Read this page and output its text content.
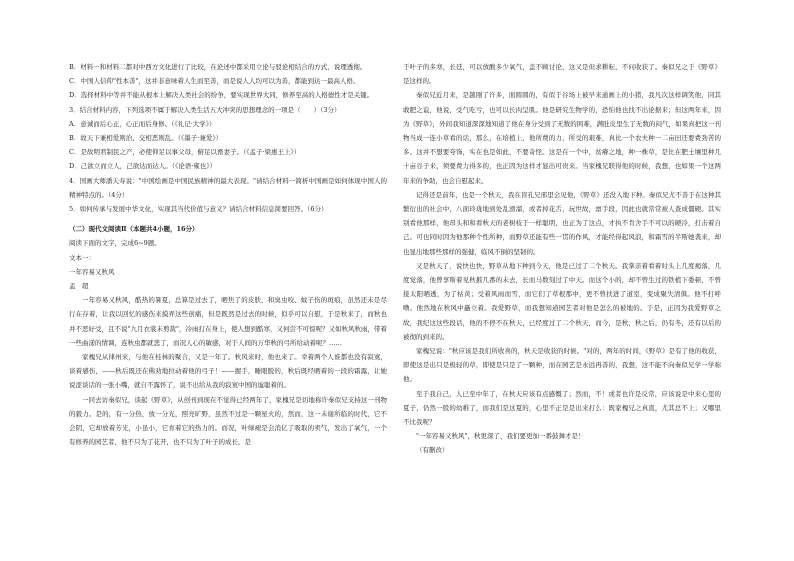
B．材料一和材料二都对中西方文化进行了比较，在论述中都采用立论与驳论相结合的方式，说理透彻。

C．中国人信仰"性本善"，这并非意味着人生而至善，而是说人人均可以为善，都能到达一最高人格。

D．选择材料中等并不能从根本上解决人类社会的纷争，要实现世界大同，修养至高的人格德性才是关键。

3．结合材料内容，下列选项不属于解决人类生活五大冲突的思想理念的一项是（　　）（3分）

A．意诚而后心正，心正而后身修。（《礼记·大学》）

B．故天下兼相爱则治，交相恶则乱。（《墨子·兼爱》）

C．是故明君制民之产，必使仰足以事父母，俯足以畜妻子。（《孟子·梁惠王上》）

D．己欲立而立人，己欲达而达人。（《论语·雍也》）

4．国画大师潘天寿说："中国绘画是中国民族精神的最大表现。"请结合材料一简析中国画是如何体现中国人的精神特点的。（4分）

5．如何传承与发展中华文化，实现其当代价值与意义？请结合材料信息简要回答。（6分）

（二）现代文阅读Ⅱ（本题共4小题，16分）

阅读下面的文字，完成6~9题。

文本一：

一年容易又秋风

孟　超

一年容易又秋风，酷热的暑夏，总算是过去了，晒焦了的皮肤，和臭虫咬、蚊子伤的斑痕，虽然还未是尽行在存着，让我以回忆的感伤来摸弄这些创痛，但是既然是过去的时候，似乎可以自慰，于是秋来了，而秋也并不恶好受，且不说"九月衣裳未剪裁"，冷雨打在身上，使人想到酷寒，又何尝不可惊呢？又如秋风秋雨，带着一些曲漾的情调，连秋虫都就悲了，而况人心的敏感，对于人间的万华秋的弓所给动着呢？……

家槐兄从律州来，与他在桂林的聚合，又是一年了。秋风来时，他也来了。幸着两个人谁都也没有寂寞，谈着感伤，——秋后既还在佛劝地拉动着他的弓子！——握手，睡眼脱的，秋后既经晒着的一段的霜露，让她说涩谈话的一张小嘴，就自不露怀了，说不出给从我的寂寞中国的谧聪着的。

一同去访秦似兄，谈起《野草》，从创刊到现在不觉得已经两年了，家槐兄是切地称许秦似兄支持这一刊物的毅力。是的，有一分热，放一分光，照亮旷野，虽然不过是一颗星火的，然而，这一未谢所临的时代，它不会阴，它却放着芳光，小虽小，它育着它的热力的。而况，叶绿褪是会消亿了吸取的卖气，发出了氧气，一个有修养的园艺者，他不只为了花开，也不只为了叶子的成长，是

于叶子的多寒，长廷，可以放酸多少氧气，盖不顾讨论，这又是但求耕耘，不问收获了。秦似兄之于《野草》是这样的。

秦似兄近月来，是越刚了许多，面圆圆的，有似于谷场上被早来通画上的小猪，我凡次这样调笑他，同其敢肥之谊，他说，受气吃亏，也可以长肉呈肌。他是研究生物学的，恐怕他也找不出论据来；但这两年来，因为《野草》，外间我知道深深地知道了他在身分受到了无数的困难，满肚皮里生了无数的闷气，如果真把这一刊物当成一连小草看的话，那么，在培植上，他所费的力，所受的艰难，真比一个农夫种一二亩田还要费劲苦的多。这并不想要夸饰，实在也是如此，不要奇怪。这是在一个中，贫瘠之地，种一株草，是比在肥土壤里种几十亩谷子来，须要费力得多的，也正因为这样才显出可贵来。当家槐兄联得他的时候，我想，也如果一个这两年来的争助，也会自慰起来。

记得还是前年，也是一个秋天，我在盲孔兄邢里会见他，《野草》还没入地下种。秦似兄尤不善于在这种其繁衍出的社会中，八面玲珑地到处乱滑溜，或者掉花舌，玩世故，禀手段，因此也就常常被人查成僵硬。其实别看他那样，他昂头和和看秋天的老树枝于一样聪明，也正为了这点，才执不肯舍手不可以的硬冷，打击着自己。可也同时因为他那种个性所种，而野草还能有些一贯的作风，才能经得起风浪，和霜雪的半斯她袭来，却也显出地那些那样的强健，临风不倒的坚韧的。

又是秋天了，说快也快，野草从地下种到今天，他是已过了二个秋天。我掌亲着看着时头上几度褐落，几度觉落，他曾享斯着见秋摧几番的未去，长而马数刻过了中天。而这个小的，却不曾生过的铁植下委顿，不曾接太阳晒透，为了枯黄；受着风雨而雪，而它们了草根那中，更不曾扶进了道室，变成聚失清俱。他不打呼噜。他然地在秋风中矗立着。我爱野草，而我想知道园艺者对他是怎么的被地的。于是，正因为我爱野草之故，我纪这这些段话，他的不停不在秋天，已经度过了二个秋天，而今，是秋，秋之后，仍有冬，还有以后的被彻的到来的。

家槐兄说："秋应该是我们所收喜的，秋天是收获的时候。"对的，两年的时间，《野草》是有了他的收获，即使这是出只是极轻的草，即使是只是了一颗种，而在园艺是永远再善的，我想，这不能不向秦似兄学一学称他。

至于我自己，人已至中年了，在秋天应该有点感慨了；然而，不！或者也许是反常，应该说是中来心里的夏子，仍然一股的幼稚了，而我们是这夏的，心里不正是是出来打么：既家槐兄之真直，尤其总不上；又哪里不比我呢？

"一年容易又秋风"，秋更深了，我们要更加一番鼓舞才是！

（有删改）
